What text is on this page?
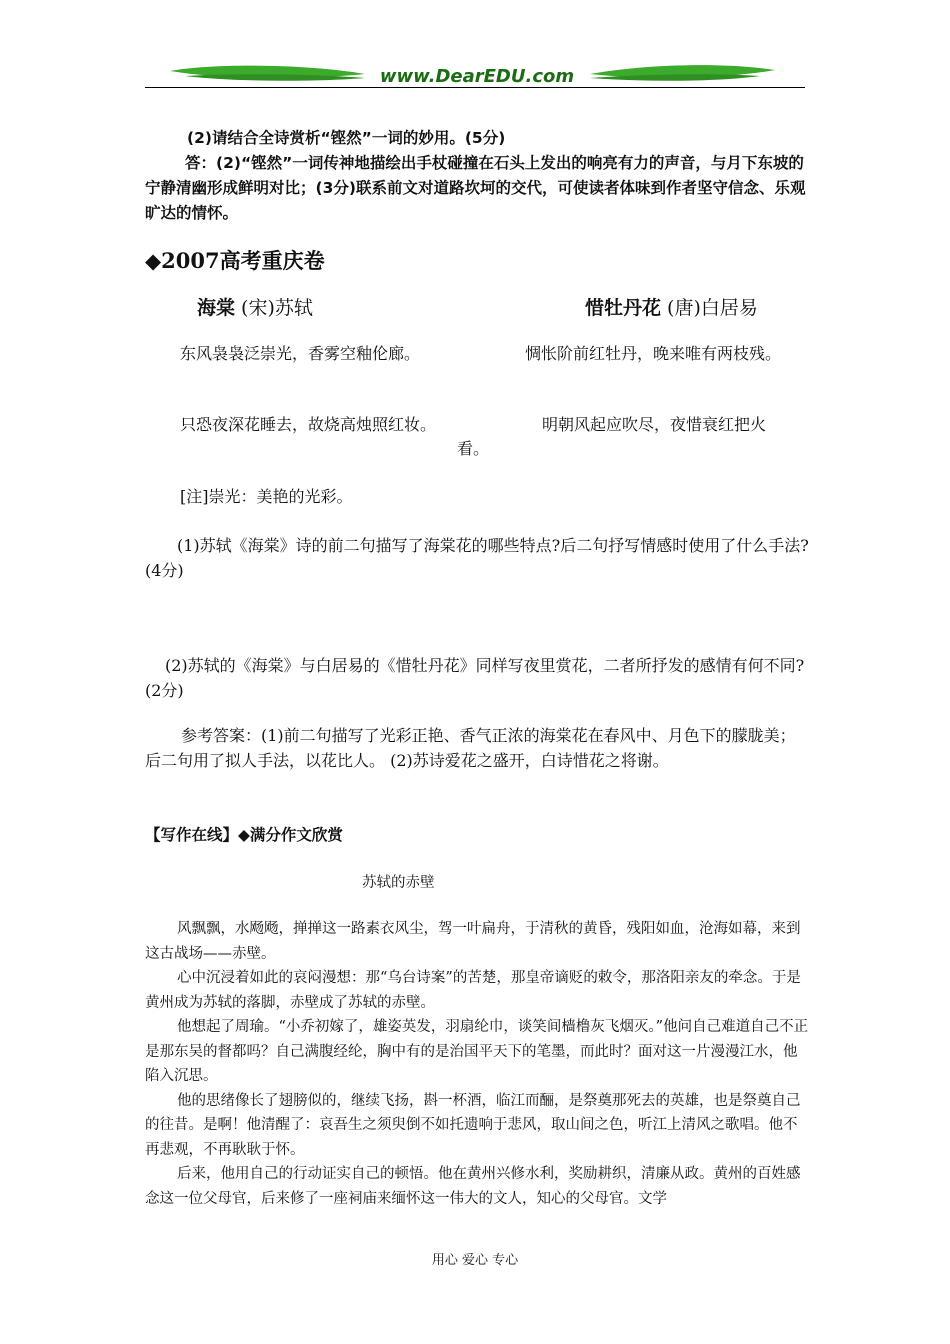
www.DearEDU.com
(2)请结合全诗赏析“铿然”一词的妙用。(5分)
答：(2)“铿然”一词传神地描绘出手杖碰撞在石头上发出的响亮有力的声音，与月下东坡的宁静清幽形成鲜明对比；(3分)联系前文对道路坎坷的交代，可使读者体味到作者坚守信念、乐观旷达的情怀。
◆2007高考重庆卷
海棠 (宋)苏轼	惜牡丹花 (唐)白居易
东风袅袅泛崇光，香雾空釉伦廊。	惆怅阶前红牡丹，晚来唯有两枝残。
只恐夜深花睡去，故烧高烛照红妆。	明朝风起应吹尽，夜惜衰红把火
看。
[注]崇光：美艳的光彩。
(1)苏轼《海棠》诗的前二句描写了海棠花的哪些特点?后二句抒写情感时使用了什么手法?(4分)
(2)苏轼的《海棠》与白居易的《惜牡丹花》同样写夜里赏花，二者所抒发的感情有何不同? (2分)
参考答案：(1)前二句描写了光彩正艳、香气正浓的海棠花在春风中、月色下的朦胧美；后二句用了拟人手法，以花比人。 (2)苏诗爱花之盛开，白诗惜花之将谢。
【写作在线】◆满分作文欣赏
苏轼的赤壁
风飘飘，水飏飏，掸掸这一路素衣风尘，驾一叶扁舟，于清秋的黄昏，残阳如血，沧海如幕，来到这古战场——赤壁。
心中沉浸着如此的哀闷漫想：那“乌台诗案”的苦楚，那皇帝谪贬的敕令，那洛阳亲友的牵念。于是黄州成为苏轼的落脚，赤壁成了苏轼的赤壁。
他想起了周瑜。“小乔初嫁了，雄姿英发，羽扇纶巾，谈笑间樯橹灰飞烟灭。”他问自己难道自己不正是那东吴的督都吗？自己满腹经纶，胸中有的是治国平天下的笔墨，而此时？面对这一片漫漫江水，他陷入沉思。
他的思绪像长了翅膀似的，继续飞扬，斟一杯酒，临江而酾，是祭奠那死去的英雄，也是祭奠自己的往昔。是啊！他清醒了：哀吾生之须臾倒不如托遗响于悲风，取山间之色，听江上清风之歌唱。他不再悲观，不再耿耿于怀。
后来，他用自己的行动证实自己的顿悟。他在黄州兴修水利，奖励耕织，清廉从政。黄州的百姓感念这一位父母官，后来修了一座祠庙来缅怀这一伟大的文人，知心的父母官。文学
用心 爱心 专心
